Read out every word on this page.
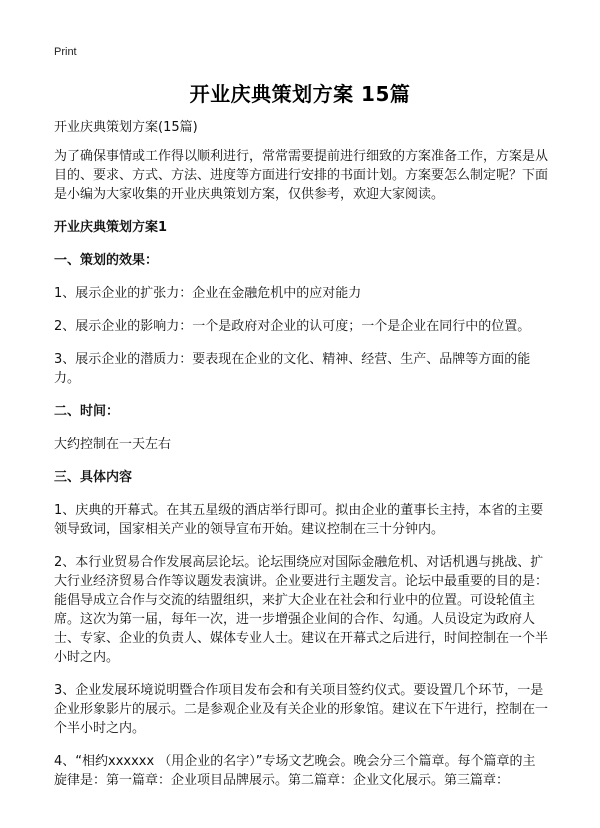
Print
开业庆典策划方案 15篇

开业庆典策划方案(15篇)

为了确保事情或工作得以顺利进行，常常需要提前进行细致的方案准备工作，方案是从目的、要求、方式、方法、进度等方面进行安排的书面计划。方案要怎么制定呢？下面是小编为大家收集的开业庆典策划方案，仅供参考，欢迎大家阅读。

开业庆典策划方案1

一、策划的效果：

1、展示企业的扩张力：企业在金融危机中的应对能力

2、展示企业的影响力：一个是政府对企业的认可度；一个是企业在同行中的位置。

3、展示企业的潜质力：要表现在企业的文化、精神、经营、生产、品牌等方面的能力。

二、时间：

大约控制在一天左右

三、具体内容

1、庆典的开幕式。在其五星级的酒店举行即可。拟由企业的董事长主持，本省的主要领导致词，国家相关产业的领导宣布开始。建议控制在三十分钟内。

2、本行业贸易合作发展高层论坛。论坛围绕应对国际金融危机、对话机遇与挑战、扩大行业经济贸易合作等议题发表演讲。企业要进行主题发言。论坛中最重要的目的是：能倡导成立合作与交流的结盟组织，来扩大企业在社会和行业中的位置。可设轮值主席。这次为第一届，每年一次，进一步增强企业间的合作、勾通。人员设定为政府人士、专家、企业的负责人、媒体专业人士。建议在开幕式之后进行，时间控制在一个半小时之内。

3、企业发展环境说明暨合作项目发布会和有关项目签约仪式。要设置几个环节，一是企业形象影片的展示。二是参观企业及有关企业的形象馆。建议在下午进行，控制在一个半小时之内。

4、“相约xxxxxx （用企业的名字）”专场文艺晚会。晚会分三个篇章。每个篇章的主旋律是：第一篇章：企业项目品牌展示。第二篇章：企业文化展示。第三篇章：
